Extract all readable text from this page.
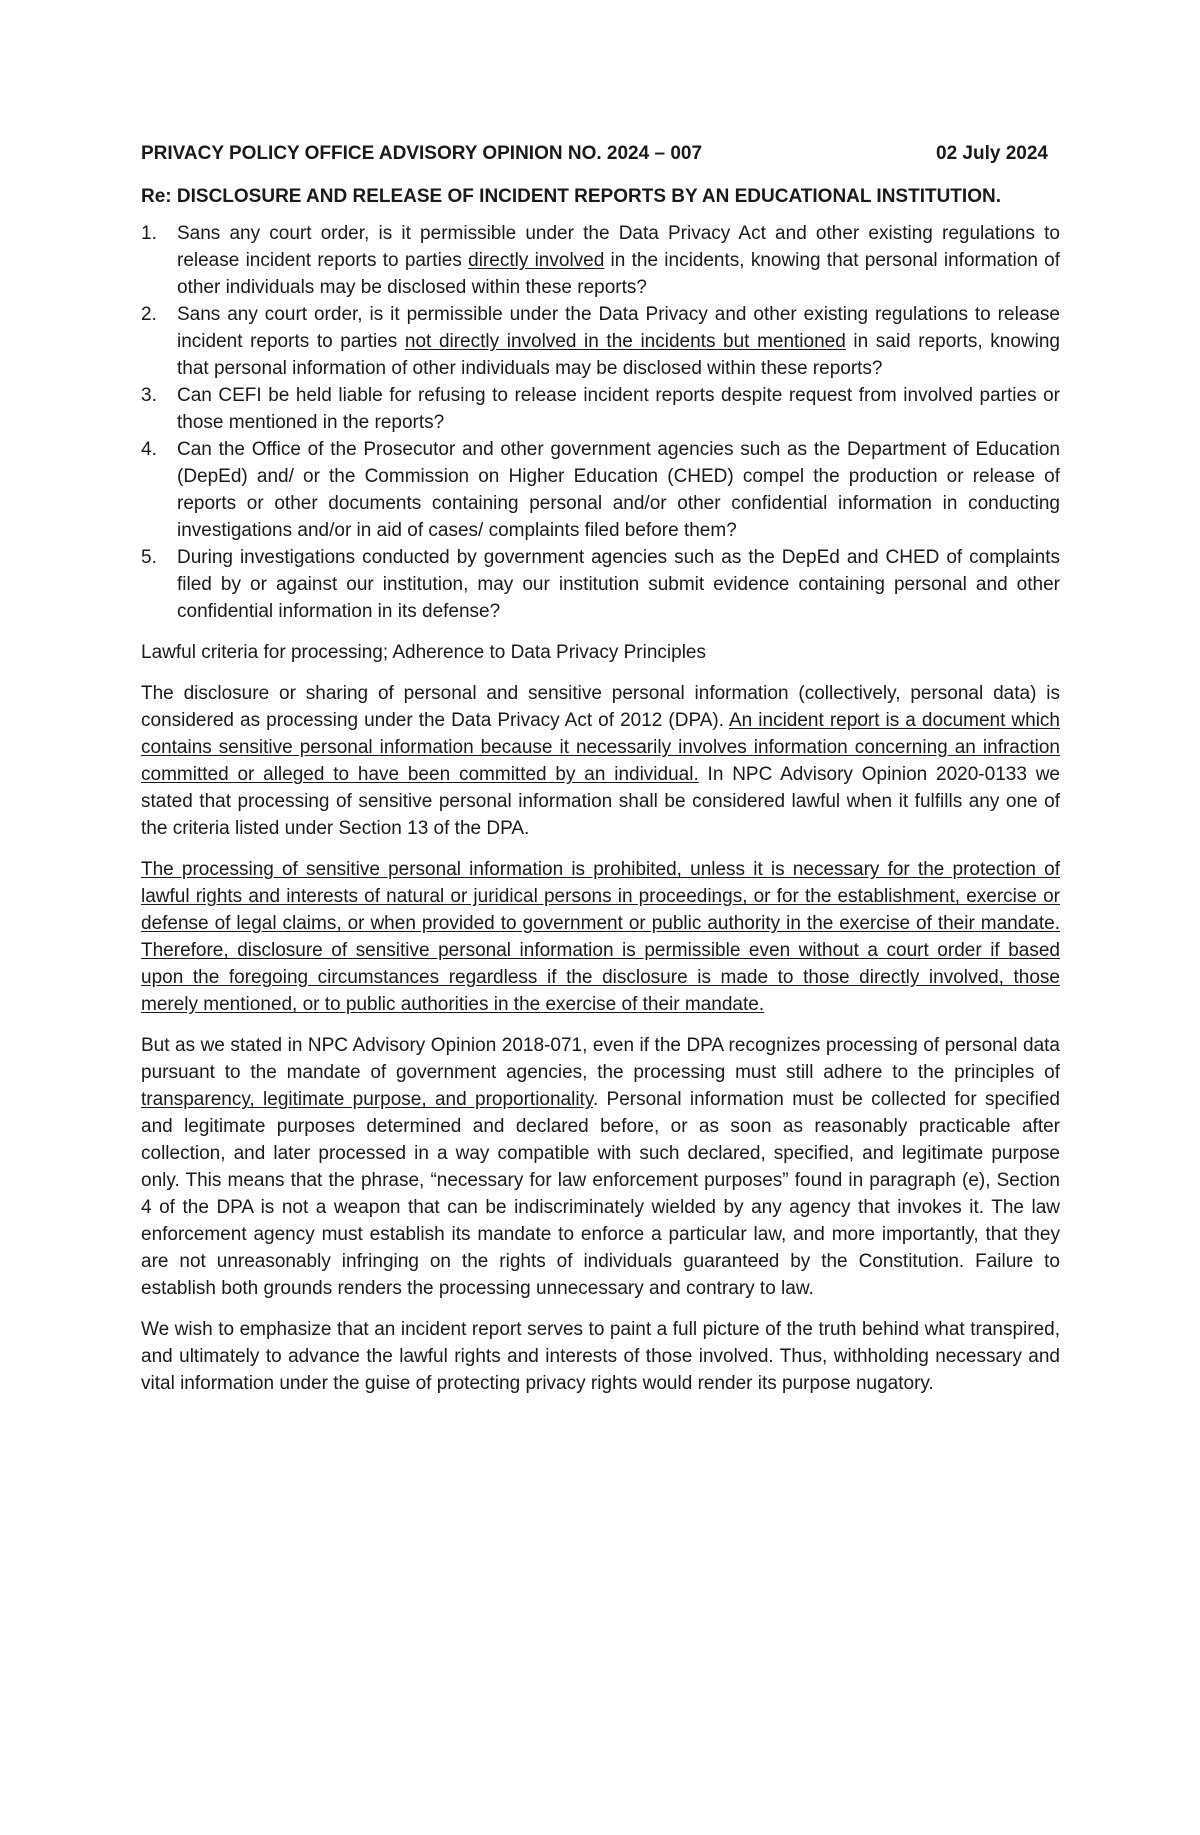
PRIVACY POLICY OFFICE ADVISORY OPINION NO. 2024 – 007	02 July 2024
Re: DISCLOSURE AND RELEASE OF INCIDENT REPORTS BY AN EDUCATIONAL INSTITUTION.
1.	Sans any court order, is it permissible under the Data Privacy Act and other existing regulations to release incident reports to parties directly involved in the incidents, knowing that personal information of other individuals may be disclosed within these reports?
2.	Sans any court order, is it permissible under the Data Privacy and other existing regulations to release incident reports to parties not directly involved in the incidents but mentioned in said reports, knowing that personal information of other individuals may be disclosed within these reports?
3.	Can CEFI be held liable for refusing to release incident reports despite request from involved parties or those mentioned in the reports?
4.	Can the Office of the Prosecutor and other government agencies such as the Department of Education (DepEd) and/ or the Commission on Higher Education (CHED) compel the production or release of reports or other documents containing personal and/or other confidential information in conducting investigations and/or in aid of cases/ complaints filed before them?
5.	During investigations conducted by government agencies such as the DepEd and CHED of complaints filed by or against our institution, may our institution submit evidence containing personal and other confidential information in its defense?
Lawful criteria for processing; Adherence to Data Privacy Principles

The disclosure or sharing of personal and sensitive personal information (collectively, personal data) is considered as processing under the Data Privacy Act of 2012 (DPA). An incident report is a document which contains sensitive personal information because it necessarily involves information concerning an infraction committed or alleged to have been committed by an individual. In NPC Advisory Opinion 2020-0133 we stated that processing of sensitive personal information shall be considered lawful when it fulfills any one of the criteria listed under Section 13 of the DPA.

The processing of sensitive personal information is prohibited, unless it is necessary for the protection of lawful rights and interests of natural or juridical persons in proceedings, or for the establishment, exercise or defense of legal claims, or when provided to government or public authority in the exercise of their mandate. Therefore, disclosure of sensitive personal information is permissible even without a court order if based upon the foregoing circumstances regardless if the disclosure is made to those directly involved, those merely mentioned, or to public authorities in the exercise of their mandate.

But as we stated in NPC Advisory Opinion 2018-071, even if the DPA recognizes processing of personal data pursuant to the mandate of government agencies, the processing must still adhere to the principles of transparency, legitimate purpose, and proportionality. Personal information must be collected for specified and legitimate purposes determined and declared before, or as soon as reasonably practicable after collection, and later processed in a way compatible with such declared, specified, and legitimate purpose only. This means that the phrase, “necessary for law enforcement purposes” found in paragraph (e), Section 4 of the DPA is not a weapon that can be indiscriminately wielded by any agency that invokes it. The law enforcement agency must establish its mandate to enforce a particular law, and more importantly, that they are not unreasonably infringing on the rights of individuals guaranteed by the Constitution. Failure to establish both grounds renders the processing unnecessary and contrary to law.

We wish to emphasize that an incident report serves to paint a full picture of the truth behind what transpired, and ultimately to advance the lawful rights and interests of those involved. Thus, withholding necessary and vital information under the guise of protecting privacy rights would render its purpose nugatory.
